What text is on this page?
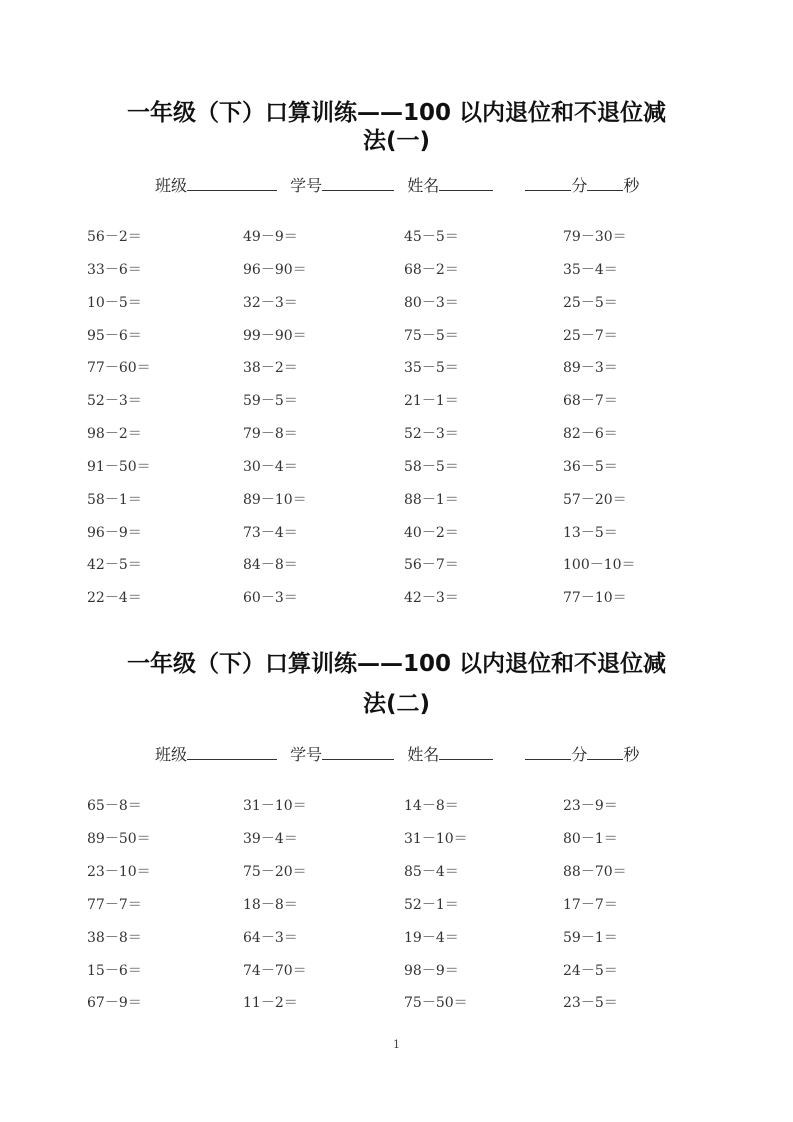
一年级（下）口算训练——100 以内退位和不退位减
法(一)
班级	学号	姓名	分 秒
56－2＝	49－9＝	45－5＝	79－30＝
33－6＝	96－90＝	68－2＝	35－4＝
10－5＝	32－3＝	80－3＝	25－5＝
95－6＝	99－90＝	75－5＝	25－7＝
77－60＝	38－2＝	35－5＝	89－3＝
52－3＝	59－5＝	21－1＝	68－7＝
98－2＝	79－8＝	52－3＝	82－6＝
91－50＝	30－4＝	58－5＝	36－5＝
58－1＝	89－10＝	88－1＝	57－20＝
96－9＝	73－4＝	40－2＝	13－5＝
42－5＝	84－8＝	56－7＝	100－10＝
22－4＝	60－3＝	42－3＝	77－10＝
一年级（下）口算训练——100 以内退位和不退位减
法(二)
班级	学号	姓名	分 秒
65－8＝	31－10＝	14－8＝	23－9＝
89－50＝	39－4＝	31－10＝	80－1＝
23－10＝	75－20＝	85－4＝	88－70＝
77－7＝	18－8＝	52－1＝	17－7＝
38－8＝	64－3＝	19－4＝	59－1＝
15－6＝	74－70＝	98－9＝	24－5＝
67－9＝	11－2＝	75－50＝	23－5＝
1
